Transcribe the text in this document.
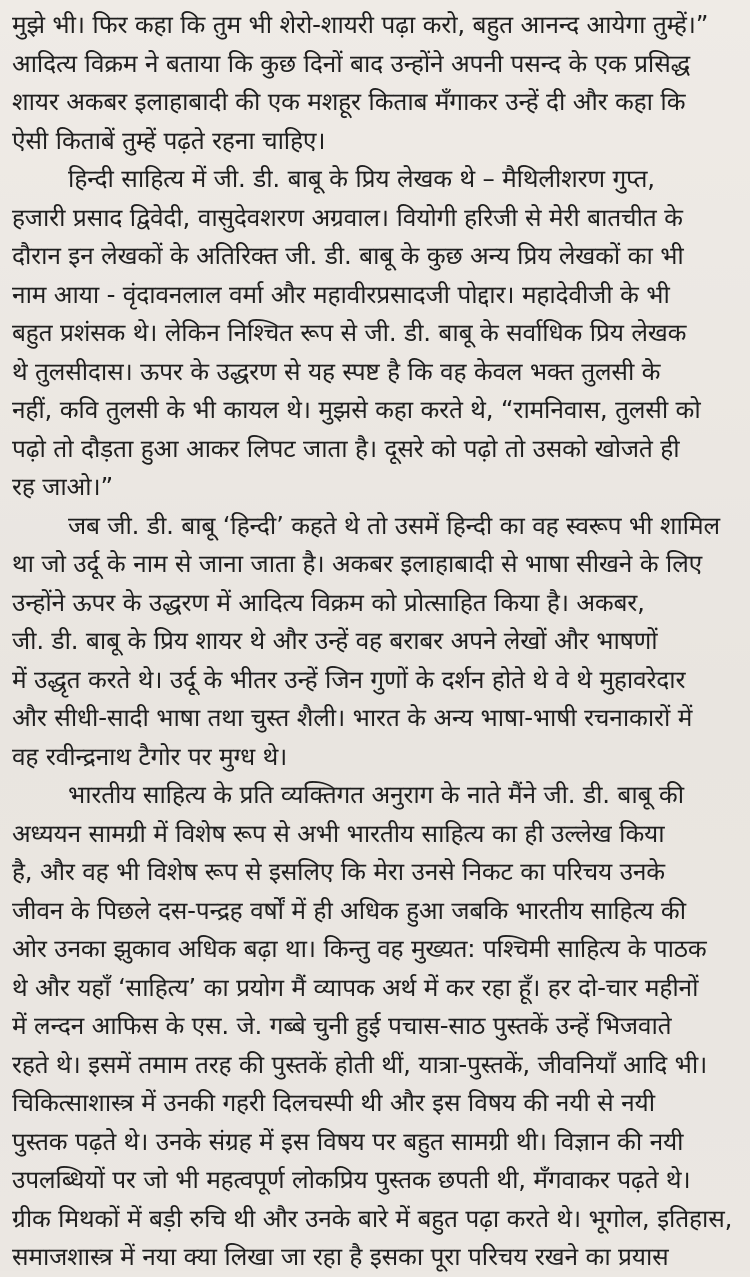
मुझे भी। फिर कहा कि तुम भी शेरो-शायरी पढ़ा करो, बहुत आनन्द आयेगा तुम्हें।”
आदित्य विक्रम ने बताया कि कुछ दिनों बाद उन्होंने अपनी पसन्द के एक प्रसिद्ध
शायर अकबर इलाहाबादी की एक मशहूर किताब मँगाकर उन्हें दी और कहा कि
ऐसी किताबें तुम्हें पढ़ते रहना चाहिए।
हिन्दी साहित्य में जी. डी. बाबू के प्रिय लेखक थे – मैथिलीशरण गुप्त,
हजारी प्रसाद द्विवेदी, वासुदेवशरण अग्रवाल। वियोगी हरिजी से मेरी बातचीत के
दौरान इन लेखकों के अतिरिक्त जी. डी. बाबू के कुछ अन्य प्रिय लेखकों का भी
नाम आया - वृंदावनलाल वर्मा और महावीरप्रसादजी पोद्दार। महादेवीजी के भी
बहुत प्रशंसक थे। लेकिन निश्चित रूप से जी. डी. बाबू के सर्वाधिक प्रिय लेखक
थे तुलसीदास। ऊपर के उद्धरण से यह स्पष्ट है कि वह केवल भक्त तुलसी के
नहीं, कवि तुलसी के भी कायल थे। मुझसे कहा करते थे, “रामनिवास, तुलसी को
पढ़ो तो दौड़ता हुआ आकर लिपट जाता है। दूसरे को पढ़ो तो उसको खोजते ही
रह जाओ।”
जब जी. डी. बाबू ‘हिन्दी’ कहते थे तो उसमें हिन्दी का वह स्वरूप भी शामिल
था जो उर्दू के नाम से जाना जाता है। अकबर इलाहाबादी से भाषा सीखने के लिए
उन्होंने ऊपर के उद्धरण में आदित्य विक्रम को प्रोत्साहित किया है। अकबर,
जी. डी. बाबू के प्रिय शायर थे और उन्हें वह बराबर अपने लेखों और भाषणों
में उद्धृत करते थे। उर्दू के भीतर उन्हें जिन गुणों के दर्शन होते थे वे थे मुहावरेदार
और सीधी-सादी भाषा तथा चुस्त शैली। भारत के अन्य भाषा-भाषी रचनाकारों में
वह रवीन्द्रनाथ टैगोर पर मुग्ध थे।
भारतीय साहित्य के प्रति व्यक्तिगत अनुराग के नाते मैंने जी. डी. बाबू की
अध्ययन सामग्री में विशेष रूप से अभी भारतीय साहित्य का ही उल्लेख किया
है, और वह भी विशेष रूप से इसलिए कि मेरा उनसे निकट का परिचय उनके
जीवन के पिछले दस-पन्द्रह वर्षों में ही अधिक हुआ जबकि भारतीय साहित्य की
ओर उनका झुकाव अधिक बढ़ा था। किन्तु वह मुख्यत: पश्चिमी साहित्य के पाठक
थे और यहाँ ‘साहित्य’ का प्रयोग मैं व्यापक अर्थ में कर रहा हूँ। हर दो-चार महीनों
में लन्दन आफिस के एस. जे. गब्बे चुनी हुई पचास-साठ पुस्तकें उन्हें भिजवाते
रहते थे। इसमें तमाम तरह की पुस्तकें होती थीं, यात्रा-पुस्तकें, जीवनियाँ आदि भी।
चिकित्साशास्त्र में उनकी गहरी दिलचस्पी थी और इस विषय की नयी से नयी
पुस्तक पढ़ते थे। उनके संग्रह में इस विषय पर बहुत सामग्री थी। विज्ञान की नयी
उपलब्धियों पर जो भी महत्वपूर्ण लोकप्रिय पुस्तक छपती थी, मँगवाकर पढ़ते थे।
ग्रीक मिथकों में बड़ी रुचि थी और उनके बारे में बहुत पढ़ा करते थे। भूगोल, इतिहास,
समाजशास्त्र में नया क्या लिखा जा रहा है इसका पूरा परिचय रखने का प्रयास
